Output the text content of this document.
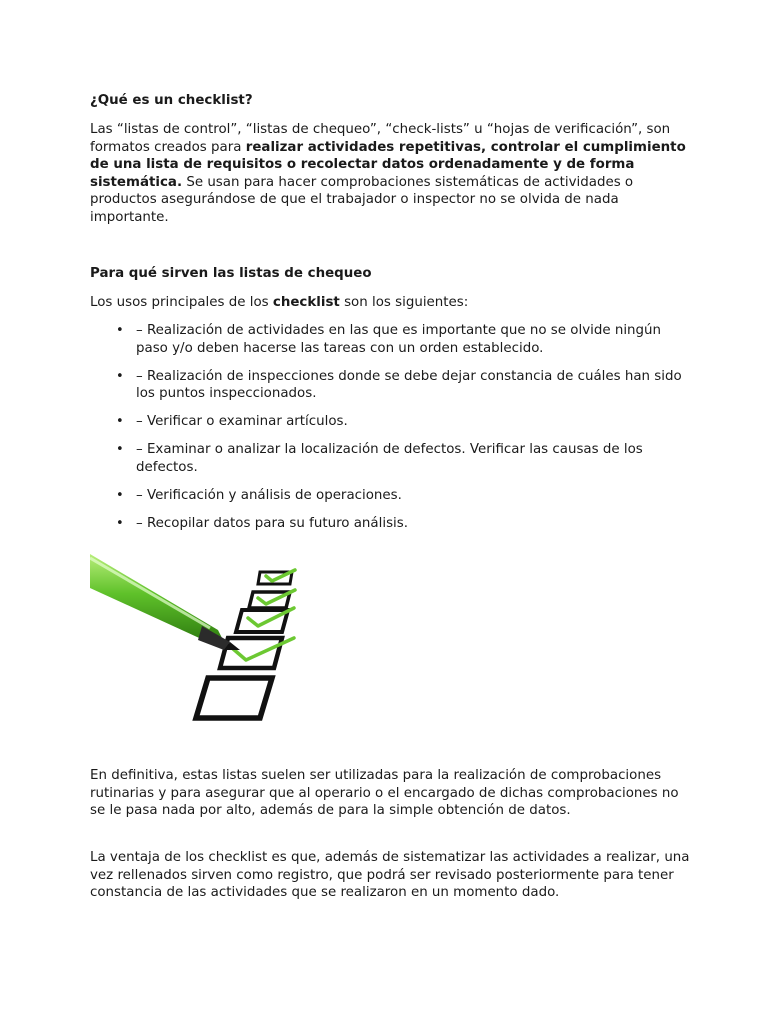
¿Qué es un checklist?

Las “listas de control”, “listas de chequeo”, “check-lists” u “hojas de verificación”, son formatos creados para realizar actividades repetitivas, controlar el cumplimiento de una lista de requisitos o recolectar datos ordenadamente y de forma sistemática. Se usan para hacer comprobaciones sistemáticas de actividades o productos asegurándose de que el trabajador o inspector no se olvida de nada importante.

Para qué sirven las listas de chequeo

Los usos principales de los checklist son los siguientes:

• – Realización de actividades en las que es importante que no se olvide ningún paso y/o deben hacerse las tareas con un orden establecido.
• – Realización de inspecciones donde se debe dejar constancia de cuáles han sido los puntos inspeccionados.
• – Verificar o examinar artículos.
• – Examinar o analizar la localización de defectos. Verificar las causas de los defectos.
• – Verificación y análisis de operaciones.
• – Recopilar datos para su futuro análisis.

En definitiva, estas listas suelen ser utilizadas para la realización de comprobaciones rutinarias y para asegurar que al operario o el encargado de dichas comprobaciones no se le pasa nada por alto, además de para la simple obtención de datos.

La ventaja de los checklist es que, además de sistematizar las actividades a realizar, una vez rellenados sirven como registro, que podrá ser revisado posteriormente para tener constancia de las actividades que se realizaron en un momento dado.
